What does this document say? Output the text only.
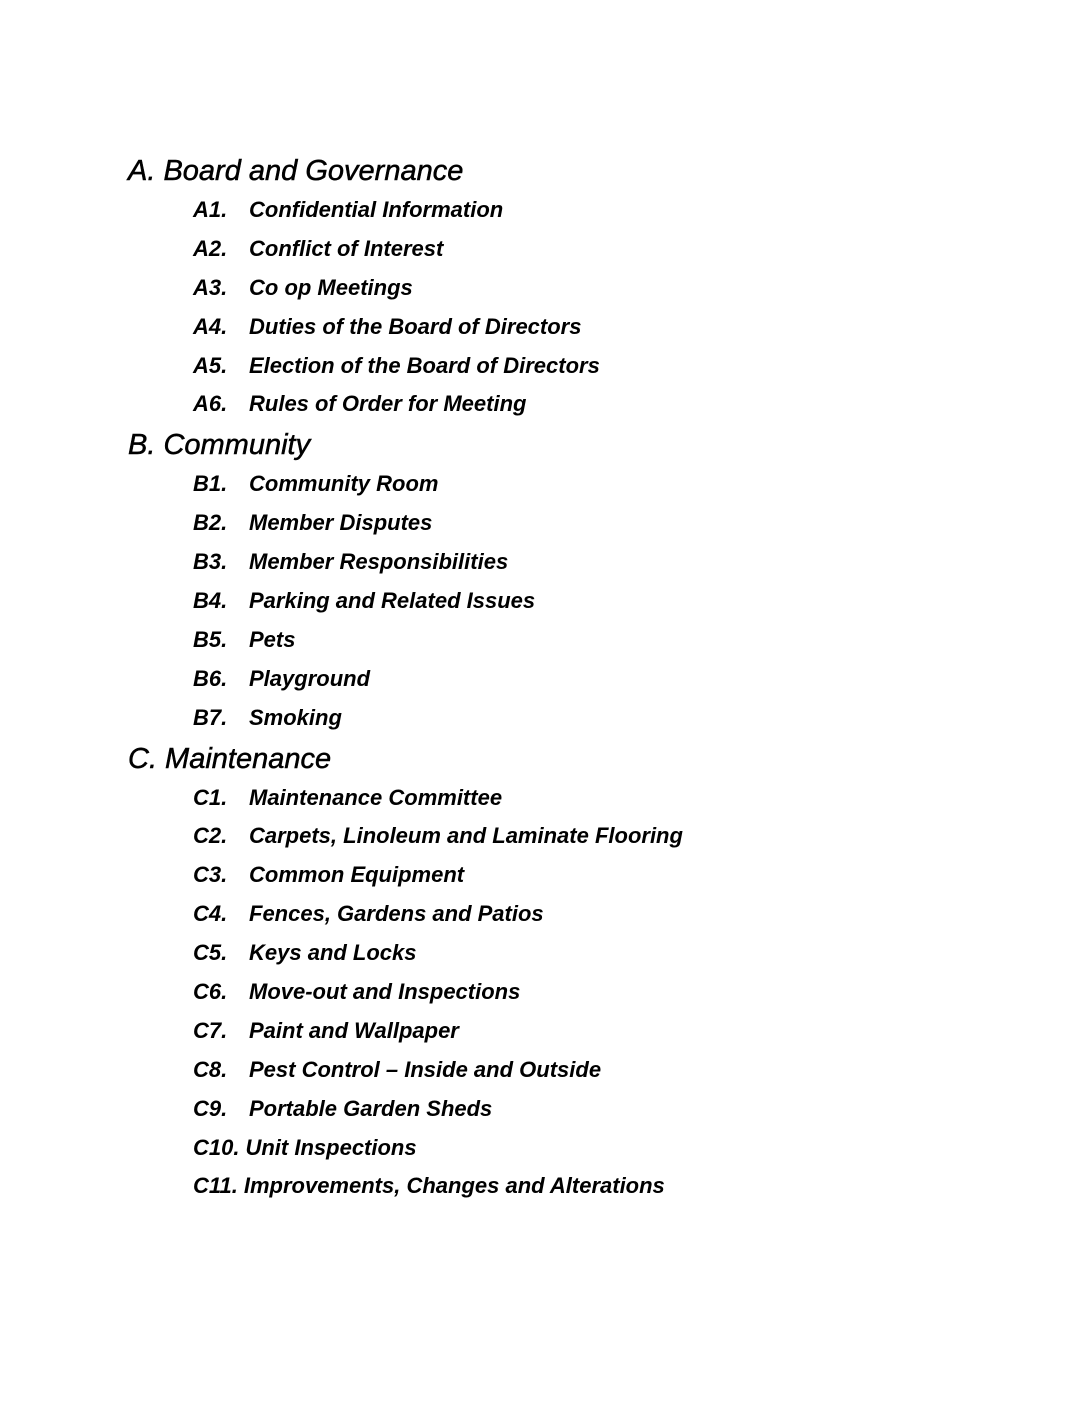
A. Board and Governance
A1. Confidential Information
A2. Conflict of Interest
A3. Co op Meetings
A4. Duties of the Board of Directors
A5. Election of the Board of Directors
A6. Rules of Order for Meeting
B. Community
B1. Community Room
B2. Member Disputes
B3. Member Responsibilities
B4. Parking and Related Issues
B5. Pets
B6. Playground
B7. Smoking
C. Maintenance
C1. Maintenance Committee
C2. Carpets, Linoleum and Laminate Flooring
C3. Common Equipment
C4. Fences, Gardens and Patios
C5. Keys and Locks
C6. Move-out and Inspections
C7. Paint and Wallpaper
C8. Pest Control – Inside and Outside
C9. Portable Garden Sheds
C10. Unit Inspections
C11. Improvements, Changes and Alterations
